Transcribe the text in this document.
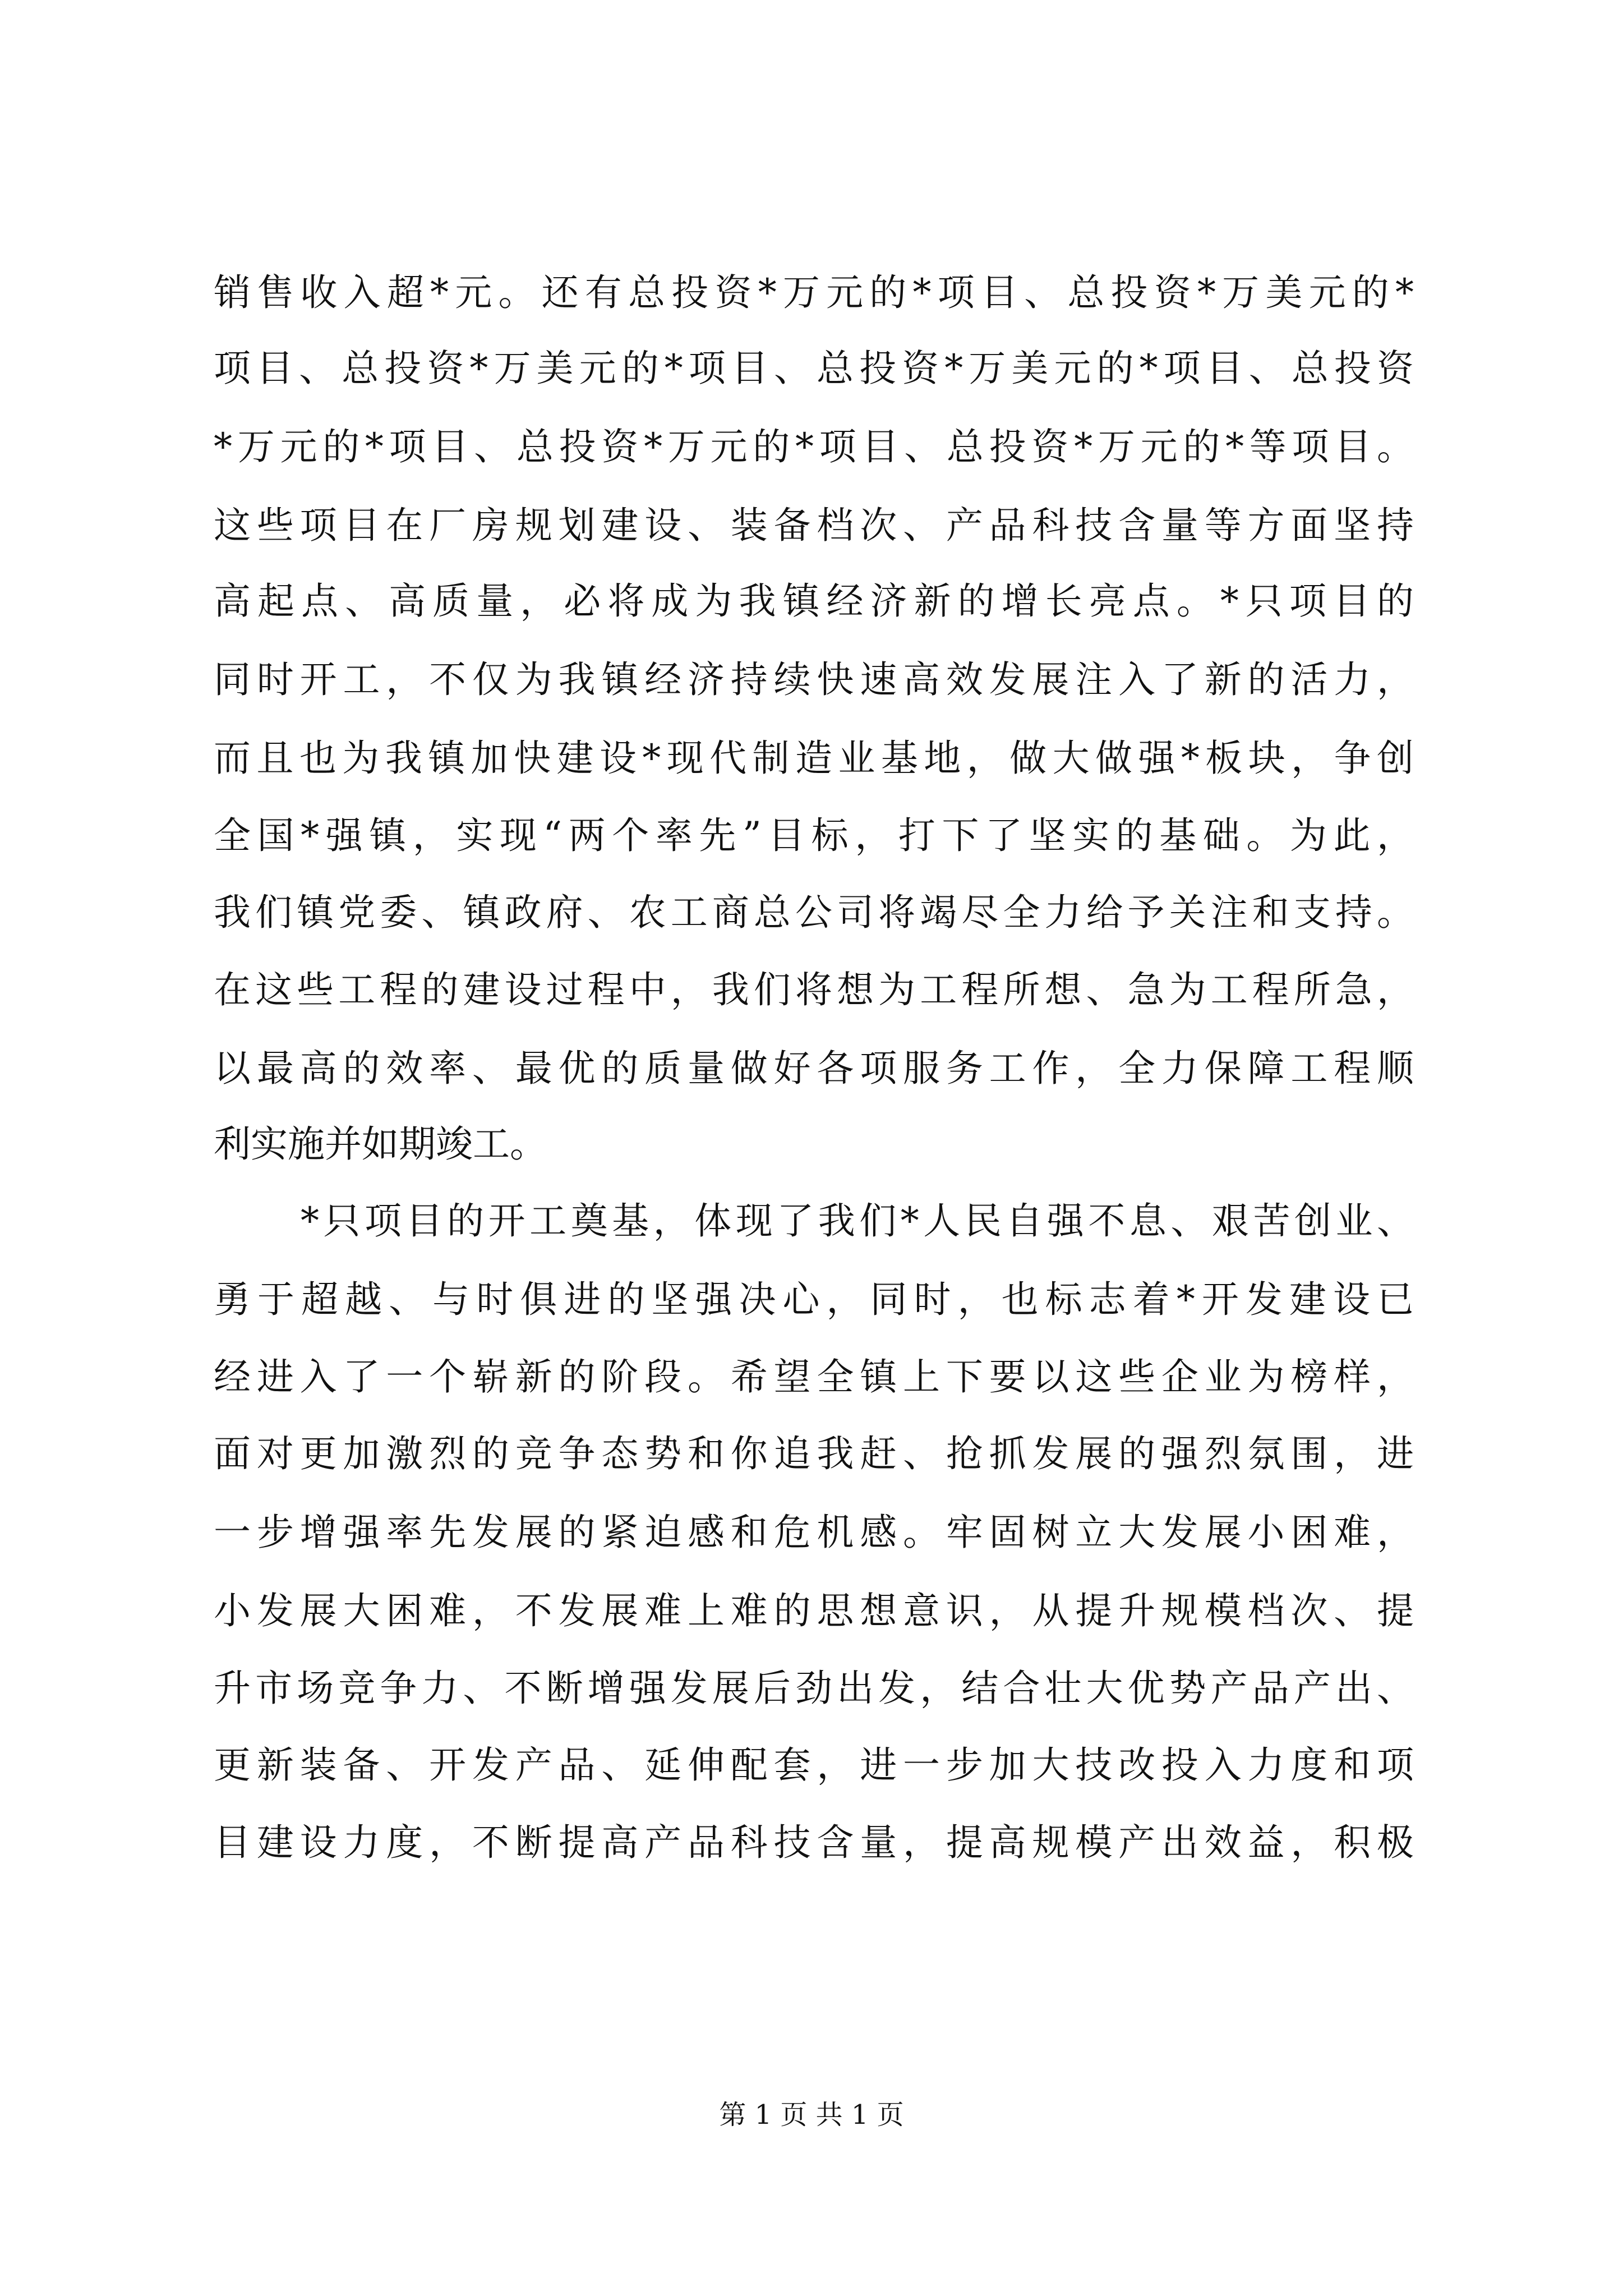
销售收入超*元。还有总投资*万元的*项目、总投资*万美元的*
项目、总投资*万美元的*项目、总投资*万美元的*项目、总投资
*万元的*项目、总投资*万元的*项目、总投资*万元的*等项目。
这些项目在厂房规划建设、装备档次、产品科技含量等方面坚持
高起点、高质量，必将成为我镇经济新的增长亮点。*只项目的
同时开工，不仅为我镇经济持续快速高效发展注入了新的活力，
而且也为我镇加快建设*现代制造业基地，做大做强*板块，争创
全国*强镇，实现“两个率先”目标，打下了坚实的基础。为此，
我们镇党委、镇政府、农工商总公司将竭尽全力给予关注和支持。
在这些工程的建设过程中，我们将想为工程所想、急为工程所急，
以最高的效率、最优的质量做好各项服务工作，全力保障工程顺
利实施并如期竣工。
*只项目的开工奠基，体现了我们*人民自强不息、艰苦创业、
勇于超越、与时俱进的坚强决心，同时，也标志着*开发建设已
经进入了一个崭新的阶段。希望全镇上下要以这些企业为榜样，
面对更加激烈的竞争态势和你追我赶、抢抓发展的强烈氛围，进
一步增强率先发展的紧迫感和危机感。牢固树立大发展小困难，
小发展大困难，不发展难上难的思想意识，从提升规模档次、提
升市场竞争力、不断增强发展后劲出发，结合壮大优势产品产出、
更新装备、开发产品、延伸配套，进一步加大技改投入力度和项
目建设力度，不断提高产品科技含量，提高规模产出效益，积极
第 1 页 共 1 页
